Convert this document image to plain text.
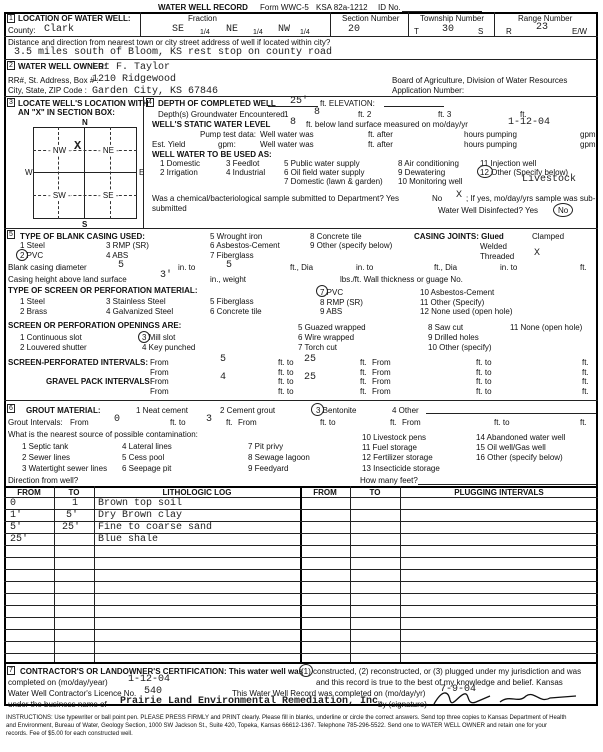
WATER WELL RECORD Form WWC-5 KSA 82a-1212 ID No.
1 LOCATION OF WATER WELL:
County: Clark
Fraction
SE 1/4 NE 1/4 NW 1/4
Section Number
20
Township Number
T 30	S
Range Number
R 23	E/W
Distance and direction from nearest town or city street address of well if located within city?
3.5 miles south of Bloom, KS rest stop on county road
2 WATER WELL OWNER:
Lot F. Taylor
RR#, St. Address, Box # :
1210 Ridgewood
City, State, ZIP Code : Garden City, KS 67846
Board of Agriculture, Division of Water Resources
Application Number:
3 LOCATE WELL'S LOCATION WITH
AN "X" IN SECTION BOX:
N
- NW - X - NE -
W	E
- SW -	- SE -
S
4 DEPTH OF COMPLETED WELL 25' ft. ELEVATION:
Depth(s) Groundwater Encountered 1	8	ft. 2	ft. 3	ft.
WELL'S STATIC WATER LEVEL 8 ft. below land surface measured on mo/day/yr	1-12-04
Pump test data: Well water was	ft. after	hours pumping	gpm
Est. Yield	gpm:	Well water was	ft. after	hours pumping	gpm
WELL WATER TO BE USED AS:
1 Domestic	3 Feedlot	5 Public water supply	8 Air conditioning	11 Injection well
2 Irrigation	4 Industrial 6 Oil field water supply	9 Dewatering	12 Other (Specify below)
7 Domestic (lawn & garden) 10 Monitoring well	Livestock
Was a chemical/bacteriological sample submitted to Department? Yes	No X ; If yes, mo/day/yrs sample was sub-
submitted	Water Well Disinfected? Yes No
5 TYPE OF BLANK CASING USED:
1 Steel	3 RMP (SR)
5 Wrought iron	8 Concrete tile
2 PVC	4 ABS
6 Asbestos-Cement	9 Other (specify below)
7 Fiberglass
CASING JOINTS: Glued	Clamped
Welded
Threaded X
Blank casing diameter	5	in. to	5	ft., Dia	in. to	ft., Dia	in. to	ft.
Casing height above land surface	3'	in., weight	lbs./ft. Wall thickness or guage No.
TYPE OF SCREEN OR PERFORATION MATERIAL:
1 Steel	3 Stainless Steel	5 Fiberglass
7 PVC	10 Asbestos-Cement
2 Brass	4 Galvanized Steel	6 Concrete tile
8 RMP (SR)	11 Other (Specify)
9 ABS	12 None used (open hole)
SCREEN OR PERFORATION OPENINGS ARE:
1 Continuous slot	3 Mill slot
5 Guazed wrapped	8 Saw cut	11 None (open hole)
2 Louvered shutter	4 Key punched
6 Wire wrapped	9 Drilled holes
7 Torch cut	10 Other (specify)
SCREEN-PERFORATED INTERVALS: From	5	ft. to 25	ft. From	ft. to	ft.
From	ft. to	ft. From	ft. to	ft.
GRAVEL PACK INTERVALS:
From	4	ft. to 25	ft. From	ft. to	ft.
From	ft. to	ft. From	ft. to	ft.
6 GROUT MATERIAL:	1 Neat cement	2 Cement grout	3 Bentonite	4 Other
Grout Intervals: From	0	ft. to 3 ft. From	ft. to	ft. From	ft. to	ft.
What is the nearest source of possible contamination:
1 Septic tank	4 Lateral lines	7 Pit privy
10 Livestock pens	14 Abandoned water well
2 Sewer lines	5 Cess pool	8 Sewage lagoon
11 Fuel storage	15 Oil well/Gas well
3 Watertight sewer lines 6 Seepage pit	9 Feedyard
12 Fertilizer storage	16 Other (specify below)
13 Insecticide storage
Direction from well?	How many feet?
FROM	TO	LITHOLOGIC LOG	FROM	TO	PLUGGING INTERVALS
0	1 Brown top soil
1'	5' Dry Brown clay
5'	25' Fine to coarse sand
25'	Blue shale
7 CONTRACTOR'S OR LANDOWNER'S CERTIFICATION: This water well was
(1) constructed, (2) reconstructed, or (3) plugged under my jurisdiction and was
completed on (mo/day/year) 1-12-04	and this record is true to the best of my knowledge and belief. Kansas
Water Well Contractor's Licence No. 540	This Water Well Record was completed on (mo/day/yr) 7-9-04
under the business name of Prairie Land Environmental Remediation, Inc.
by (signature)
INSTRUCTIONS: Use typewriter or ball point pen. PLEASE PRESS FIRMLY and PRINT clearly. Please fill in blanks, underline or circle the correct answers. Send top three copies to Kansas Department of Health
and Environment, Bureau of Water, Geology Section, 1000 SW Jackson St., Suite 420, Topeka, Kansas 66612-1367. Telephone 785-296-5522. Send one to WATER WELL OWNER and retain one for your
records. Fee of $5.00 for each constructed well.
